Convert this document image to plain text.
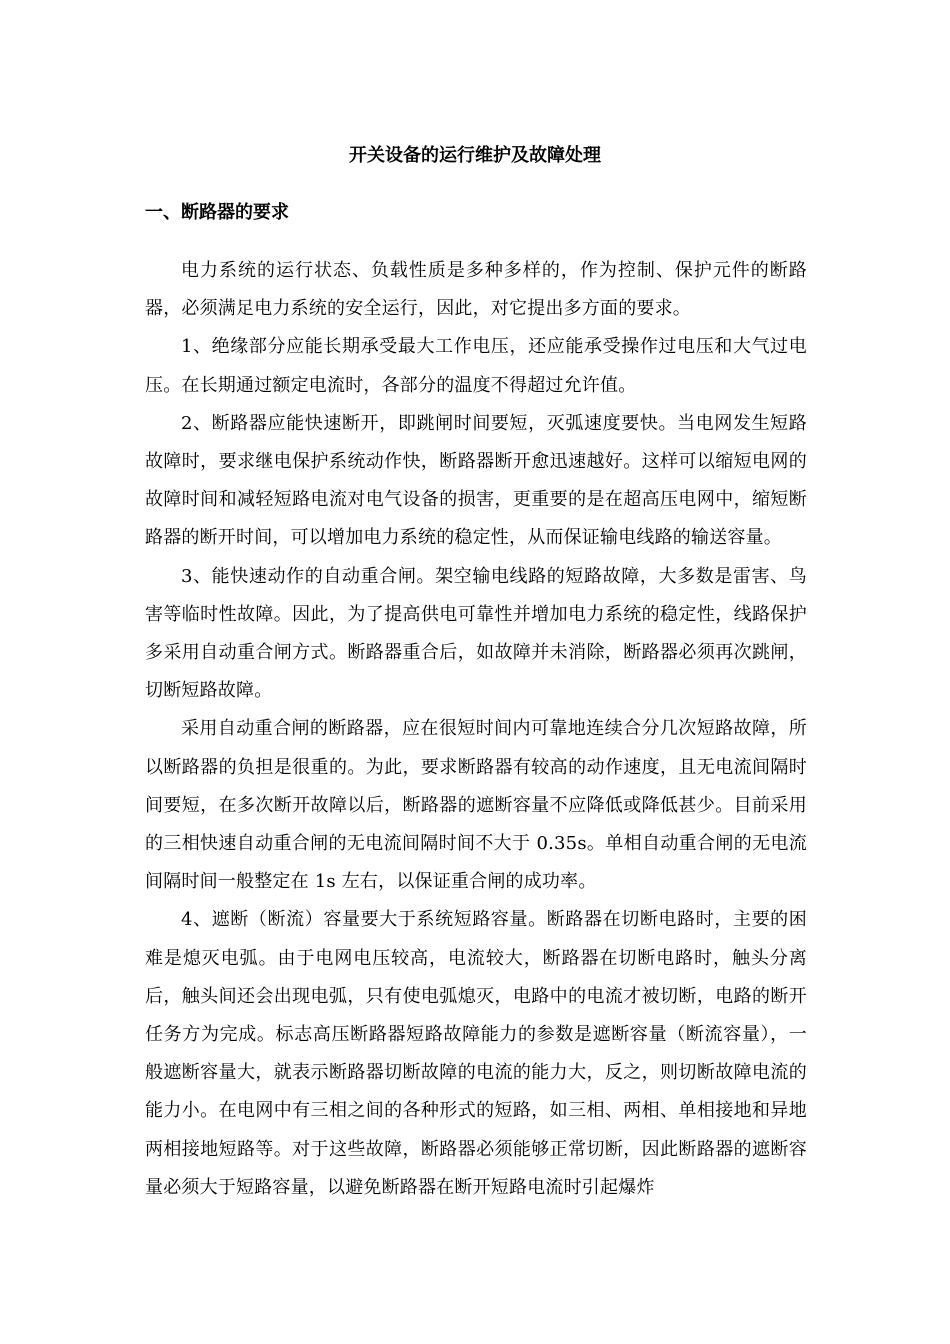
开关设备的运行维护及故障处理
一、断路器的要求

电力系统的运行状态、负载性质是多种多样的，作为控制、保护元件的断路器，必须满足电力系统的安全运行，因此，对它提出多方面的要求。

1、绝缘部分应能长期承受最大工作电压，还应能承受操作过电压和大气过电压。在长期通过额定电流时，各部分的温度不得超过允许值。

2、断路器应能快速断开，即跳闸时间要短，灭弧速度要快。当电网发生短路故障时，要求继电保护系统动作快，断路器断开愈迅速越好。这样可以缩短电网的故障时间和减轻短路电流对电气设备的损害，更重要的是在超高压电网中，缩短断路器的断开时间，可以增加电力系统的稳定性，从而保证输电线路的输送容量。

3、能快速动作的自动重合闸。架空输电线路的短路故障，大多数是雷害、鸟害等临时性故障。因此，为了提高供电可靠性并增加电力系统的稳定性，线路保护多采用自动重合闸方式。断路器重合后，如故障并未消除，断路器必须再次跳闸，切断短路故障。

采用自动重合闸的断路器，应在很短时间内可靠地连续合分几次短路故障，所以断路器的负担是很重的。为此，要求断路器有较高的动作速度，且无电流间隔时间要短，在多次断开故障以后，断路器的遮断容量不应降低或降低甚少。目前采用的三相快速自动重合闸的无电流间隔时间不大于 0.35s。单相自动重合闸的无电流间隔时间一般整定在 1s 左右，以保证重合闸的成功率。

4、遮断（断流）容量要大于系统短路容量。断路器在切断电路时，主要的困难是熄灭电弧。由于电网电压较高，电流较大，断路器在切断电路时，触头分离后，触头间还会出现电弧，只有使电弧熄灭，电路中的电流才被切断，电路的断开任务方为完成。标志高压断路器短路故障能力的参数是遮断容量（断流容量），一般遮断容量大，就表示断路器切断故障的电流的能力大，反之，则切断故障电流的能力小。在电网中有三相之间的各种形式的短路，如三相、两相、单相接地和异地两相接地短路等。对于这些故障，断路器必须能够正常切断，因此断路器的遮断容量必须大于短路容量，以避免断路器在断开短路电流时引起爆炸
